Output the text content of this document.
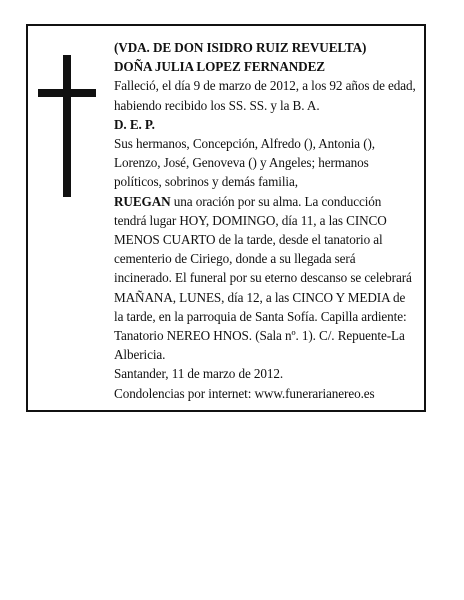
(VDA. DE DON ISIDRO RUIZ REVUELTA)

DOÑA JULIA LOPEZ FERNANDEZ

Falleció, el día 9 de marzo de 2012, a los 92 años de edad, habiendo recibido los SS. SS. y la B. A.

D. E. P.

Sus hermanos, Concepción, Alfredo (), Antonia (), Lorenzo, José, Genoveva () y Angeles; hermanos políticos, sobrinos y demás familia,

RUEGAN una oración por su alma. La conducción tendrá lugar HOY, DOMINGO, día 11, a las CINCO MENOS CUARTO de la tarde, desde el tanatorio al cementerio de Ciriego, donde a su llegada será incinerado. El funeral por su eterno descanso se celebrará MAÑANA, LUNES, día 12, a las CINCO Y MEDIA de la tarde, en la parroquia de Santa Sofía. Capilla ardiente: Tanatorio NEREO HNOS. (Sala nº. 1). C/. Repuente-La Albericia.

Santander, 11 de marzo de 2012.

Condolencias por internet: www.funerarianereo.es
